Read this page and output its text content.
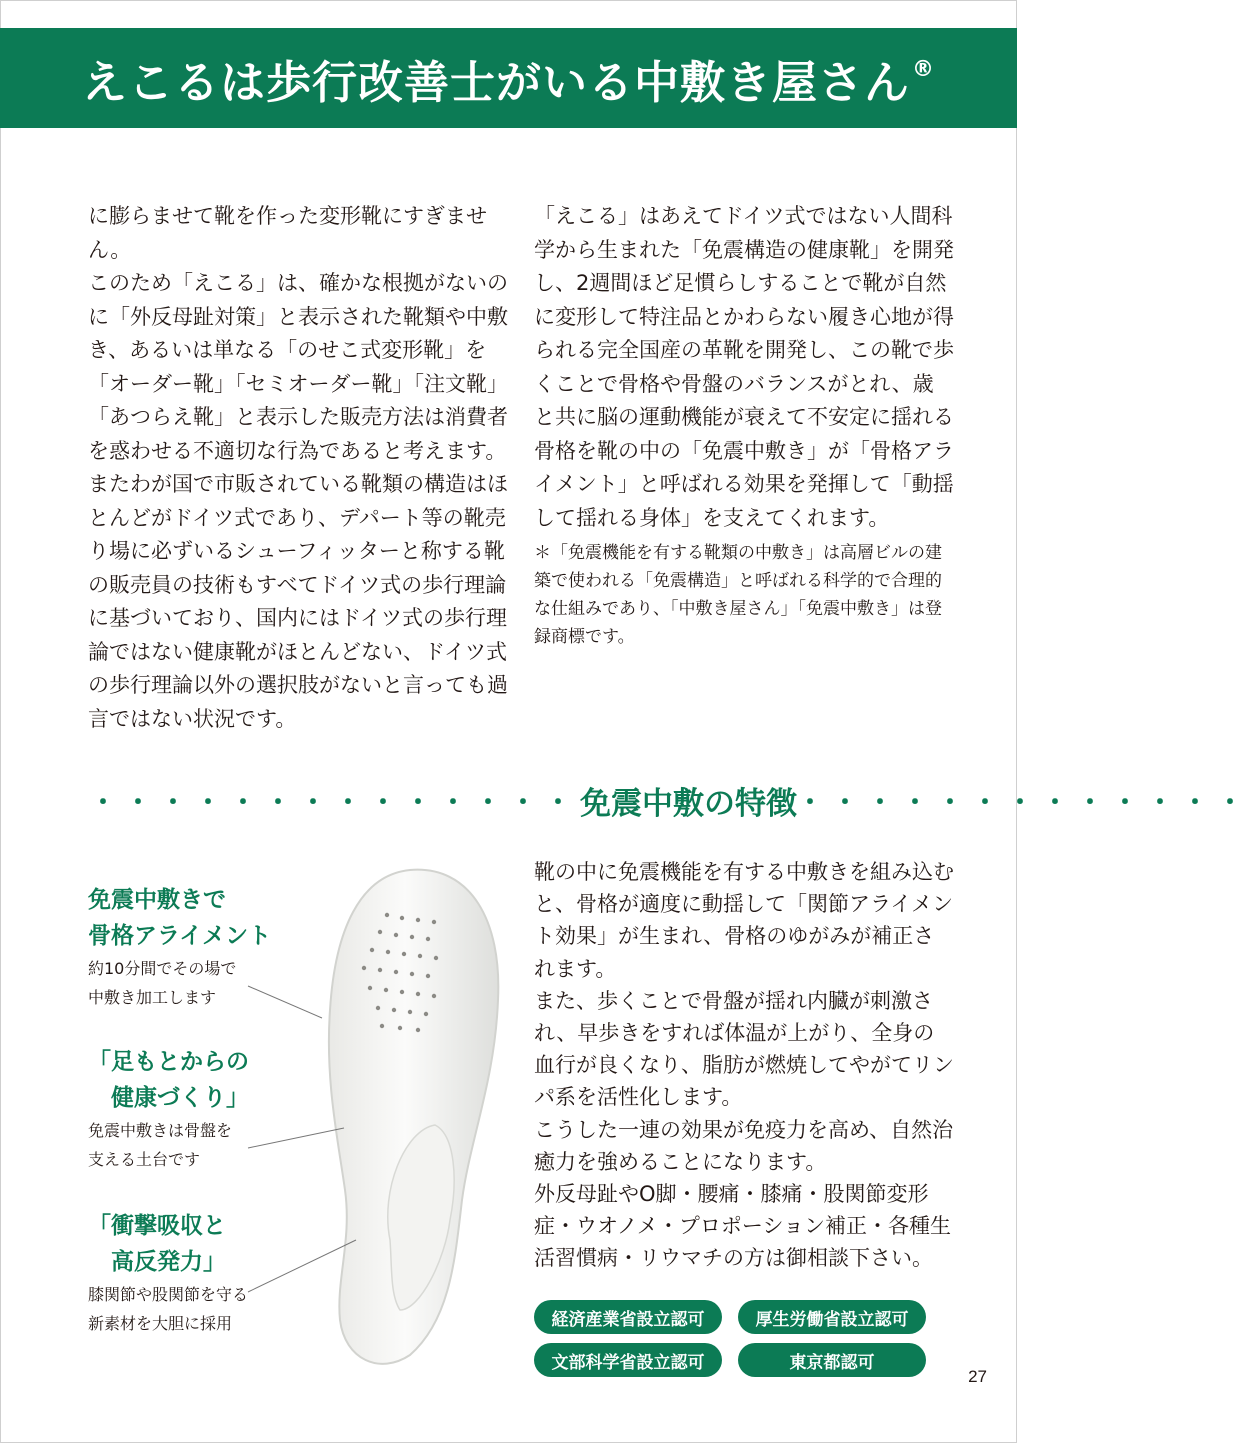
えこるは歩行改善士がいる中敷き屋さん®

に膨らませて靴を作った変形靴にすぎません。

このため「えこる」は、確かな根拠がないのに「外反母趾対策」と表示された靴類や中敷き、あるいは単なる「のせこ式変形靴」を「オーダー靴」「セミオーダー靴」「注文靴」「あつらえ靴」と表示した販売方法は消費者を惑わせる不適切な行為であると考えます。

またわが国で市販されている靴類の構造はほとんどがドイツ式であり、デパート等の靴売り場に必ずいるシューフィッターと称する靴の販売員の技術もすべてドイツ式の歩行理論に基づいており、国内にはドイツ式の歩行理論ではない健康靴がほとんどない、ドイツ式の歩行理論以外の選択肢がないと言っても過言ではない状況です。

「えこる」はあえてドイツ式ではない人間科学から生まれた「免震構造の健康靴」を開発し、2週間ほど足慣らしすることで靴が自然に変形して特注品とかわらない履き心地が得られる完全国産の革靴を開発し、この靴で歩くことで骨格や骨盤のバランスがとれ、歳と共に脳の運動機能が衰えて不安定に揺れる骨格を靴の中の「免震中敷き」が「骨格アライメント」と呼ばれる効果を発揮して「動揺して揺れる身体」を支えてくれます。

＊「免震機能を有する靴類の中敷き」は高層ビルの建築で使われる「免震構造」と呼ばれる科学的で合理的な仕組みであり、「中敷き屋さん」「免震中敷き」は登録商標です。

・・・・・・・・・・・・・・ 免震中敷の特徴 ・・・・・・・・・・・・・
免震中敷きで
骨格アライメント
約10分間でその場で
中敷き加工します
「足もとからの
　健康づくり」
免震中敷きは骨盤を
支える土台です
「衝撃吸収と
　高反発力」
膝関節や股関節を守る
新素材を大胆に採用

靴の中に免震機能を有する中敷きを組み込むと、骨格が適度に動揺して「関節アライメント効果」が生まれ、骨格のゆがみが補正されます。

また、歩くことで骨盤が揺れ内臓が刺激され、早歩きをすれば体温が上がり、全身の血行が良くなり、脂肪が燃焼してやがてリンパ系を活性化します。

こうした一連の効果が免疫力を高め、自然治癒力を強めることになります。

外反母趾やO脚・腰痛・膝痛・股関節変形症・ウオノメ・プロポーション補正・各種生活習慣病・リウマチの方は御相談下さい。

経済産業省設立認可	厚生労働省設立認可
文部科学省設立認可	東京都認可
27
